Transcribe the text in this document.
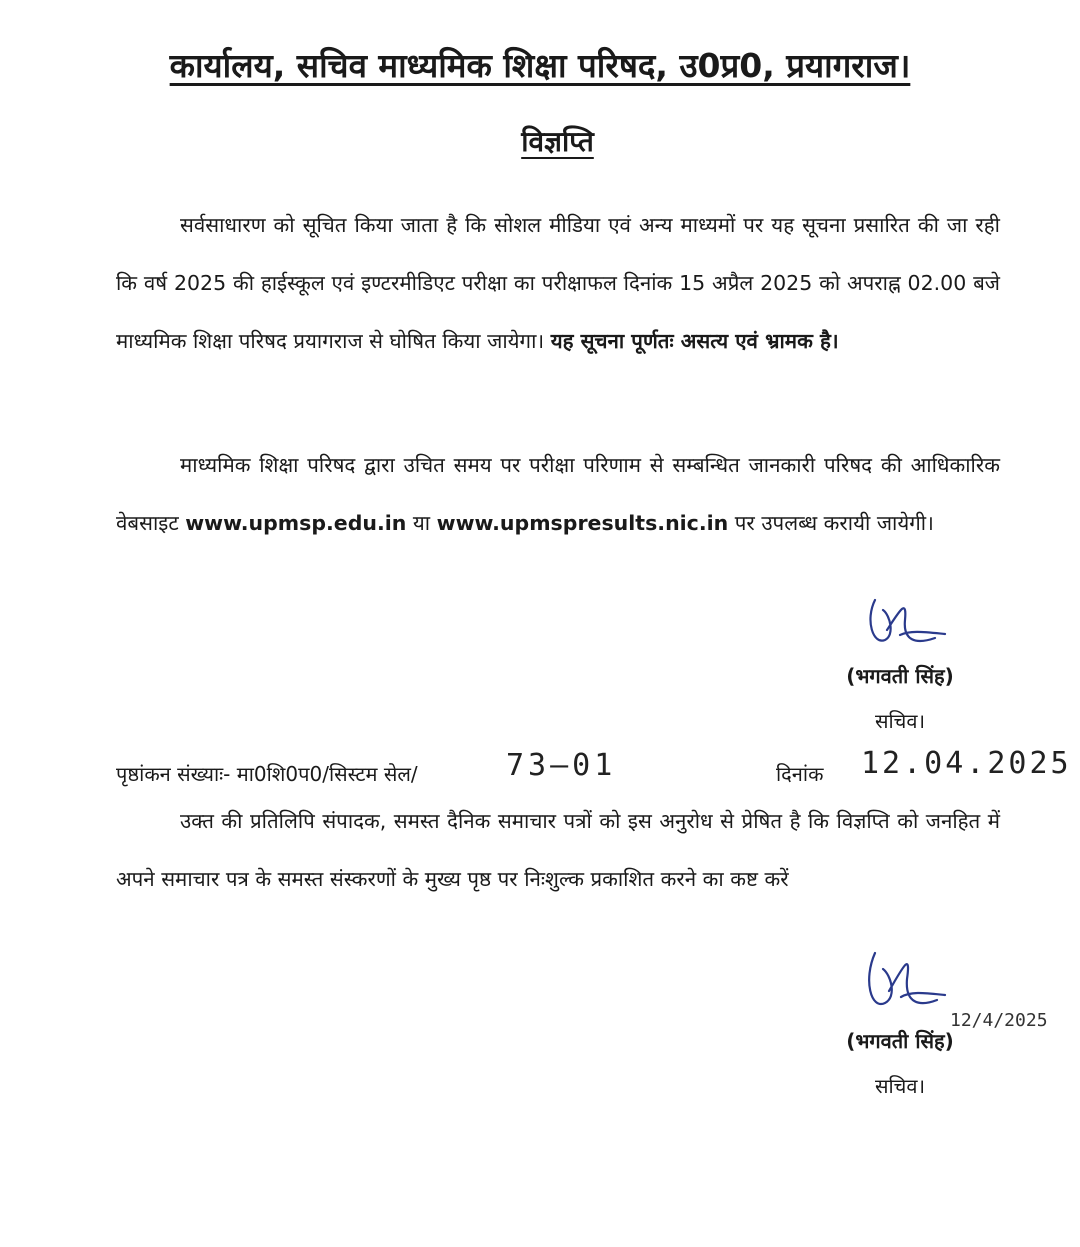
कार्यालय, सचिव माध्यमिक शिक्षा परिषद, उ0प्र0, प्रयागराज।
विज्ञप्ति

सर्वसाधारण को सूचित किया जाता है कि सोशल मीडिया एवं अन्य माध्यमों पर यह सूचना प्रसारित की जा रही कि वर्ष 2025 की हाईस्कूल एवं इण्टरमीडिएट परीक्षा का परीक्षाफल दिनांक 15 अप्रैल 2025 को अपराह्न 02.00 बजे माध्यमिक शिक्षा परिषद प्रयागराज से घोषित किया जायेगा। यह सूचना पूर्णतः असत्य एवं भ्रामक है।

माध्यमिक शिक्षा परिषद द्वारा उचित समय पर परीक्षा परिणाम से सम्बन्धित जानकारी परिषद की आधिकारिक वेबसाइट www.upmsp.edu.in या www.upmspresults.nic.in पर उपलब्ध करायी जायेगी।

(भगवती सिंह)
सचिव।
पृष्ठांकन संख्याः- मा0शि0प0/सिस्टम सेल/	73—01	दिनांक 12.04.2025

उक्त की प्रतिलिपि संपादक, समस्त दैनिक समाचार पत्रों को इस अनुरोध से प्रेषित है कि विज्ञप्ति को जनहित में अपने समाचार पत्र के समस्त संस्करणों के मुख्य पृष्ठ पर निःशुल्क प्रकाशित करने का कष्ट करें

(भगवती सिंह)
सचिव।
12/4/2025
